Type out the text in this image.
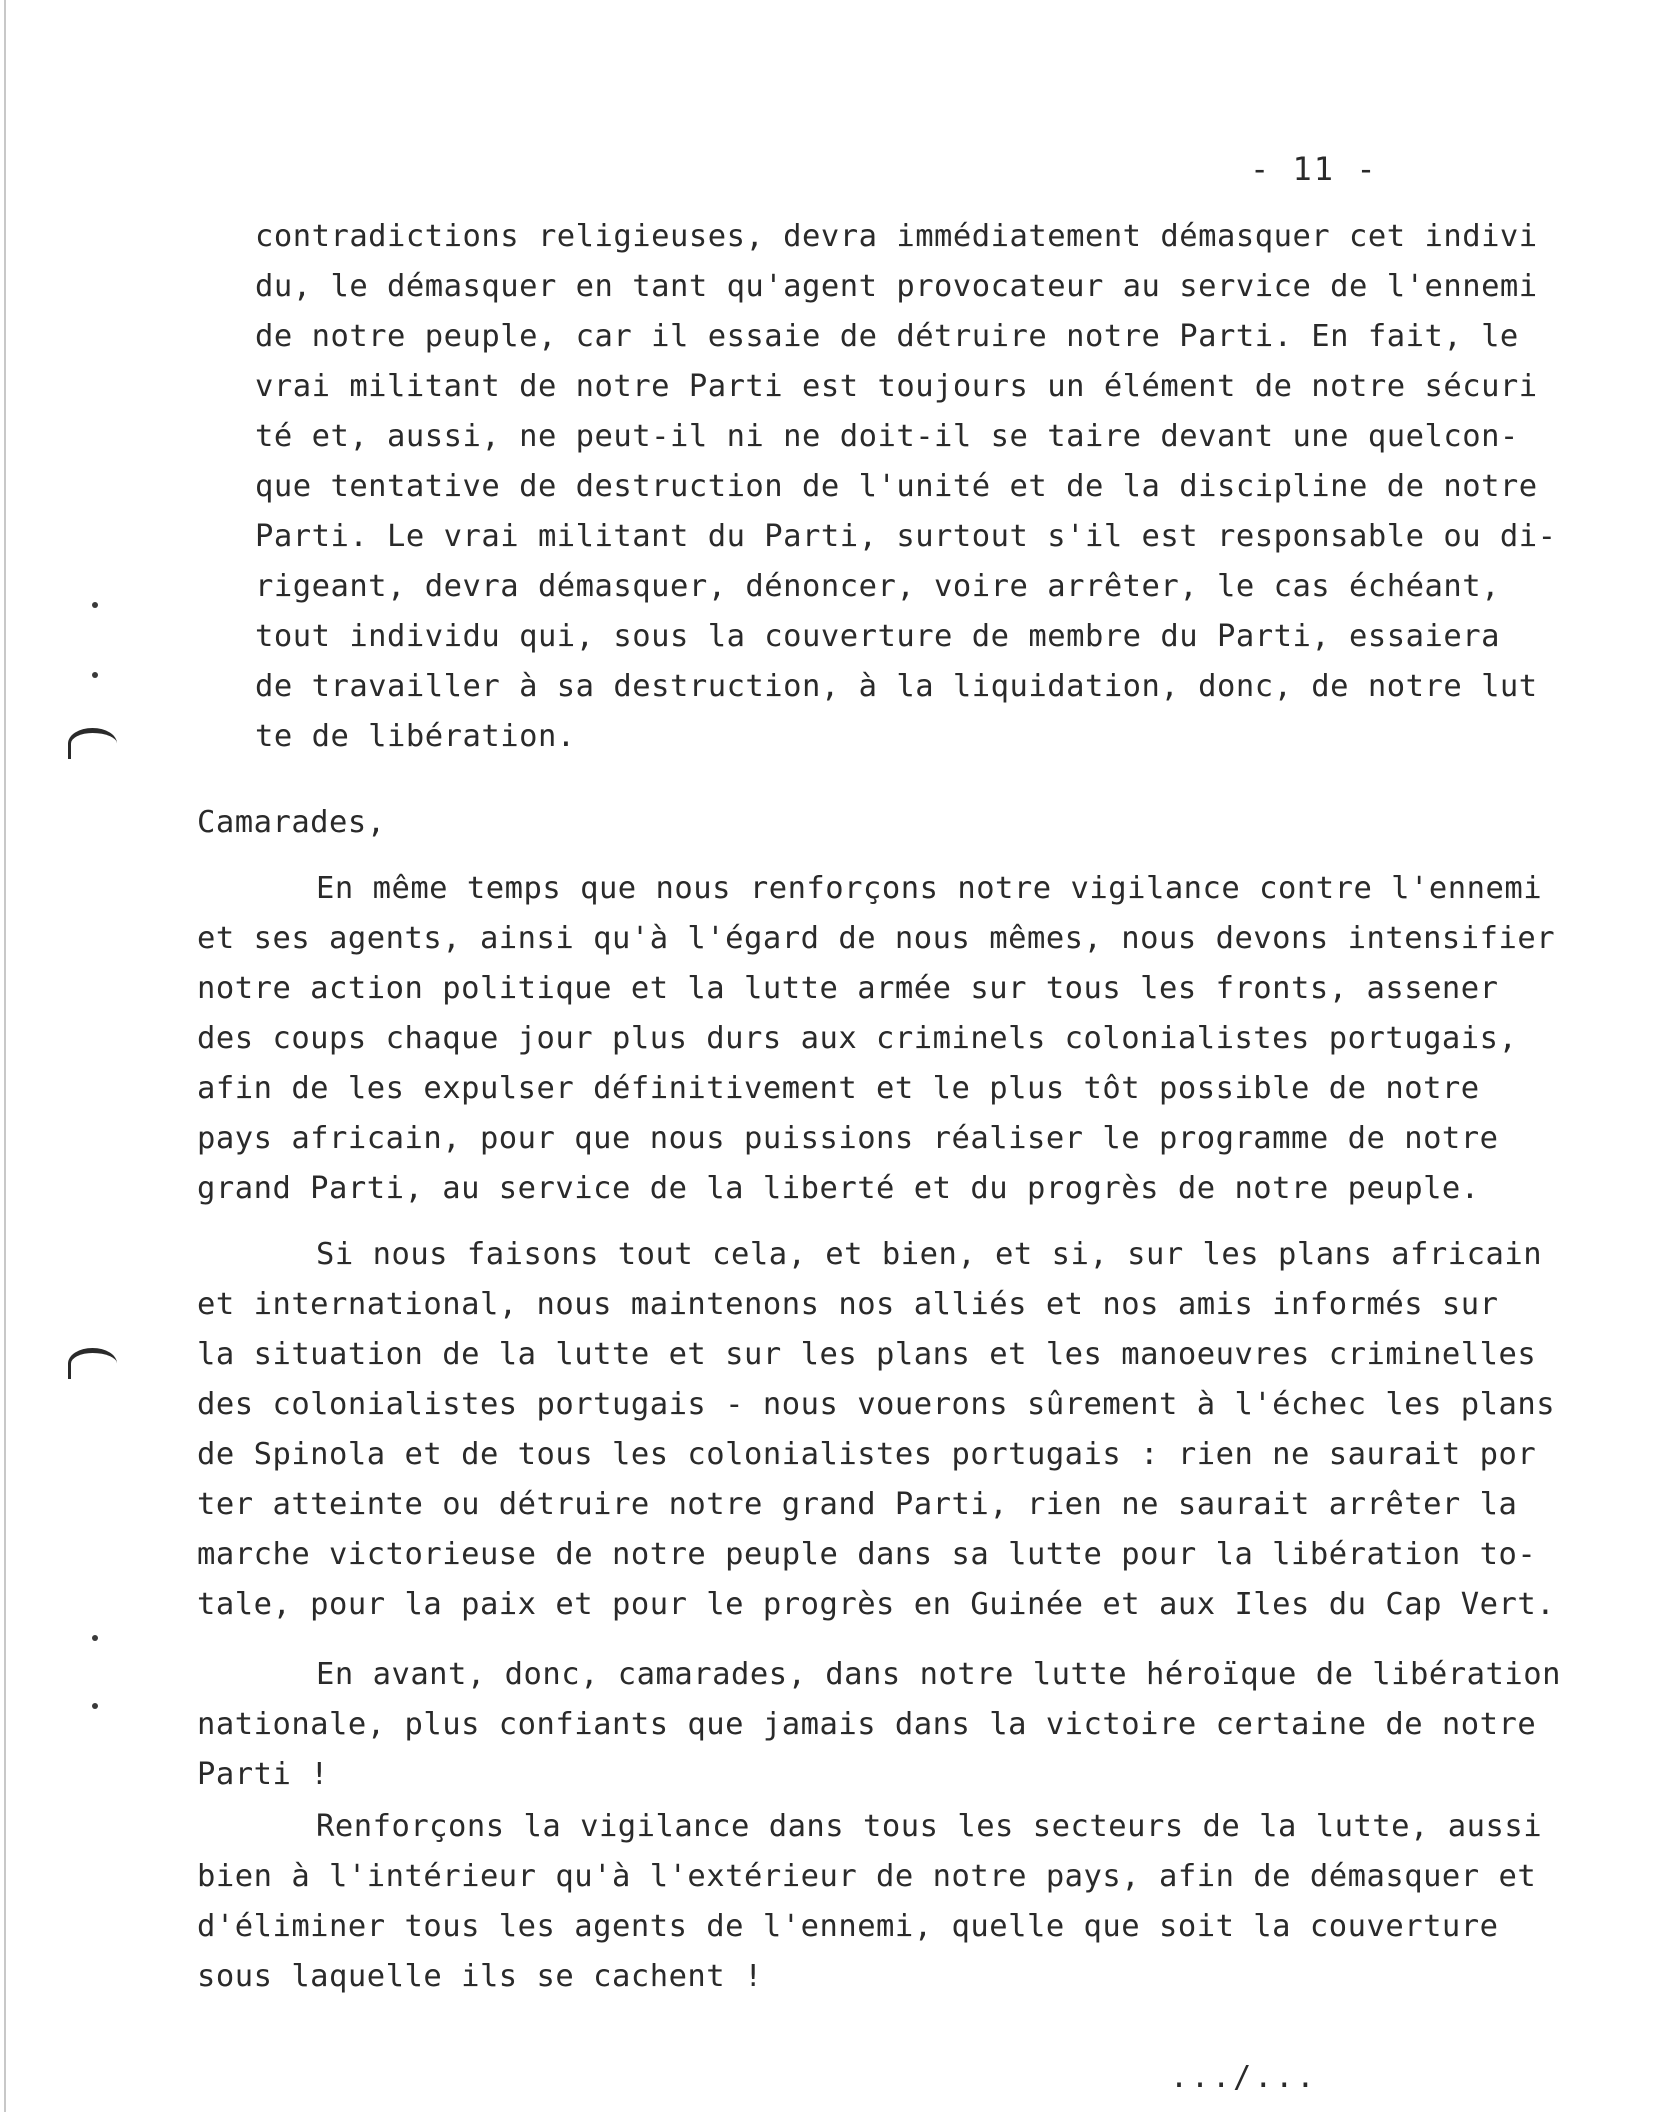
- 11 -
contradictions religieuses, devra immédiatement démasquer cet indivi
du, le démasquer en tant qu'agent provocateur au service de l'ennemi
de notre peuple, car il essaie de détruire notre Parti. En fait, le
vrai militant de notre Parti est toujours un élément de notre sécuri
té et, aussi, ne peut-il ni ne doit-il se taire devant une quelcon-
que tentative de destruction de l'unité et de la discipline de notre
Parti. Le vrai militant du Parti, surtout s'il est responsable ou di-
rigeant, devra démasquer, dénoncer, voire arrêter, le cas échéant,
tout individu qui, sous la couverture de membre du Parti, essaiera
de travailler à sa destruction, à la liquidation, donc, de notre lut
te de libération.
Camarades,
En même temps que nous renforçons notre vigilance contre l'ennemi
et ses agents, ainsi qu'à l'égard de nous mêmes, nous devons intensifier
notre action politique et la lutte armée sur tous les fronts, assener
des coups chaque jour plus durs aux criminels colonialistes portugais,
afin de les expulser définitivement et le plus tôt possible de notre
pays africain, pour que nous puissions réaliser le programme de notre
grand Parti, au service de la liberté et du progrès de notre peuple.
Si nous faisons tout cela, et bien, et si, sur les plans africain
et international, nous maintenons nos alliés et nos amis informés sur
la situation de la lutte et sur les plans et les manoeuvres criminelles
des colonialistes portugais - nous vouerons sûrement à l'échec les plans
de Spinola et de tous les colonialistes portugais : rien ne saurait por
ter atteinte ou détruire notre grand Parti, rien ne saurait arrêter la
marche victorieuse de notre peuple dans sa lutte pour la libération to-
tale, pour la paix et pour le progrès en Guinée et aux Iles du Cap Vert.
En avant, donc, camarades, dans notre lutte héroïque de libération
nationale, plus confiants que jamais dans la victoire certaine de notre
Parti !
Renforçons la vigilance dans tous les secteurs de la lutte, aussi
bien à l'intérieur qu'à l'extérieur de notre pays, afin de démasquer et
d'éliminer tous les agents de l'ennemi, quelle que soit la couverture
sous laquelle ils se cachent !
.../...
